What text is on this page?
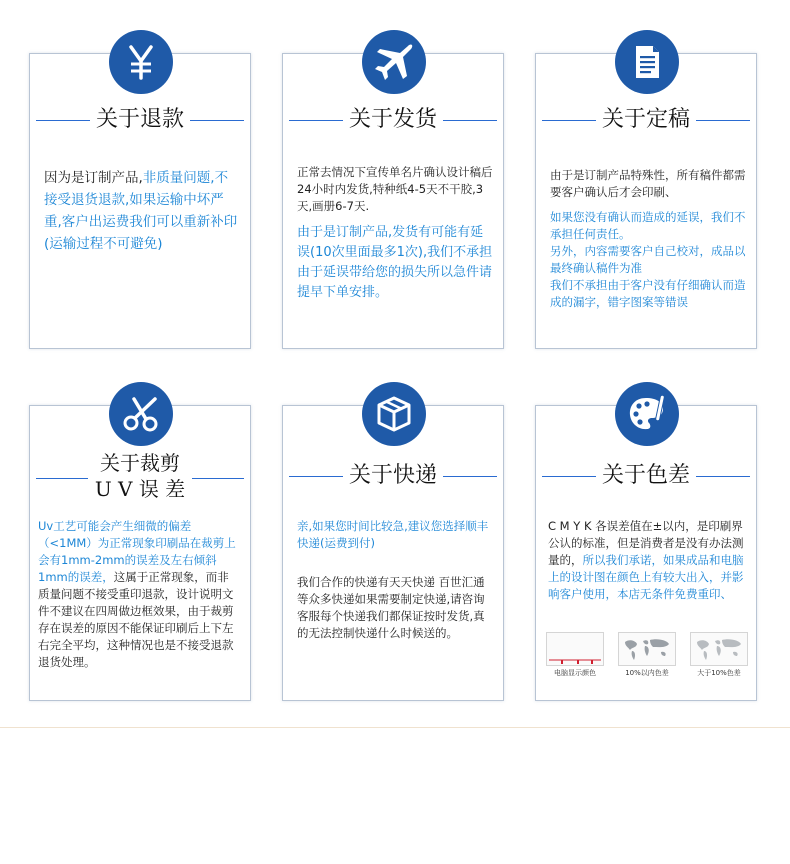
关于退款
因为是订制产品,非质量问题,不接受退货退款,如果运输中坏严重,客户出运费我们可以重新补印(运输过程不可避免)
关于发货

正常去情况下宣传单名片确认设计稿后24小时内发货,特种纸4-5天不干胶,3天,画册6-7天.

由于是订制产品,发货有可能有延误(10次里面最多1次),我们不承担由于延误带给您的损失所以急件请提早下单安排。

关于定稿

由于是订制产品特殊性，所有稿件都需要客户确认后才会印刷、

如果您没有确认而造成的延误，我们不承担任何责任。

另外，内容需要客户自己校对，成品以最终确认稿件为准

我们不承担由于客户没有仔细确认而造成的漏字，错字图案等错误

关于裁剪
U V 误 差
Uv工艺可能会产生细微的偏差（<1MM）为正常现象印刷品在裁剪上会有1mm-2mm的误差及左右倾斜1mm的误差，这属于正常现象，而非质量问题不接受重印退款，设计说明文件不建议在四周做边框效果，由于裁剪存在误差的原因不能保证印刷后上下左右完全平均，这种情况也是不接受退款退货处理。
关于快递

亲,如果您时间比较急,建议您选择顺丰快递(运费到付)

我们合作的快递有天天快递 百世汇通等众多快递如果需要制定快递,请咨询客服每个快递我们都保证按时发货,真的无法控制快递什么时候送的。

关于色差
C M Y K 各误差值在±以内，是印刷界公认的标准，但是消费者是没有办法测量的，所以我们承诺，如果成品和电脑上的设计图在颜色上有较大出入，并影响客户使用，本店无条件免费重印、
电脑显示颜色	10%以内色差	大于10%色差
